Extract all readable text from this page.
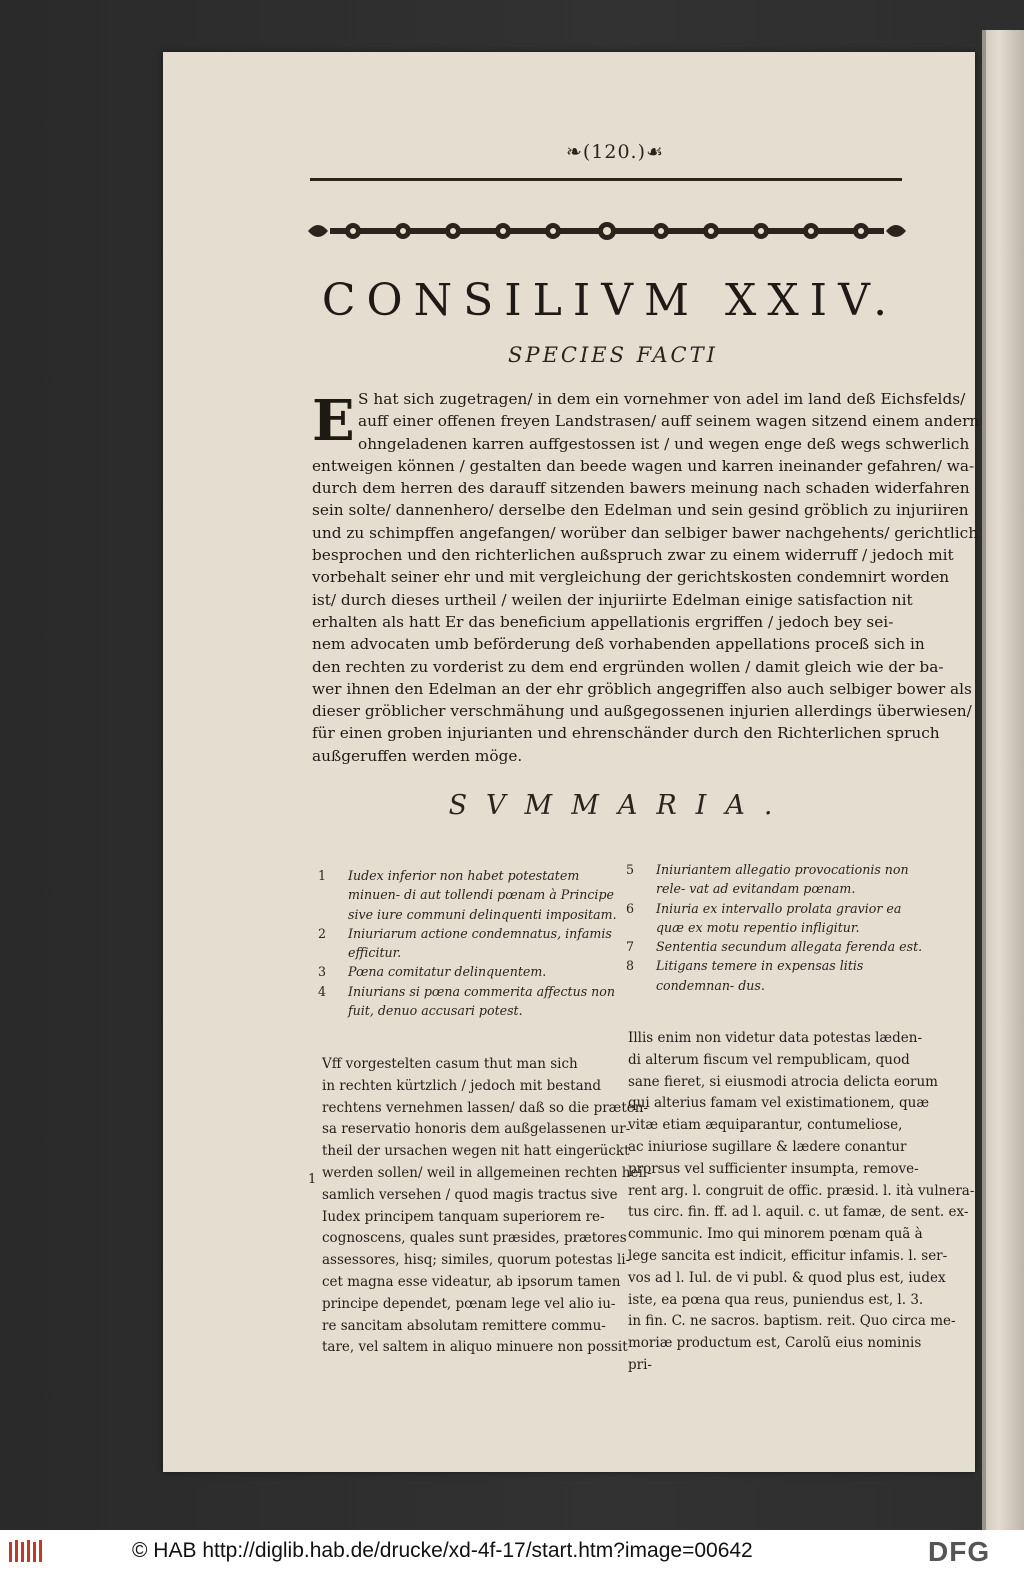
❧(120.)☙
CONSILIVM XXIV.
SPECIES FACTI
E S hat sich zugetragen/ in dem ein vornehmer von adel im land deß Eichsfelds/
auff einer offenen freyen Landstrasen/ auff seinem wagen sitzend einem andern
ohngeladenen karren auffgestossen ist / und wegen enge deß wegs schwerlich
entweigen können / gestalten dan beede wagen und karren ineinander gefahren/ wa-
durch dem herren des darauff sitzenden bawers meinung nach schaden widerfahren
sein solte/ dannenhero/ derselbe den Edelman und sein gesind gröblich zu injuriiren
und zu schimpffen angefangen/ worüber dan selbiger bawer nachgehents/ gerichtlich
besprochen und den richterlichen außspruch zwar zu einem widerruff / jedoch mit
vorbehalt seiner ehr und mit vergleichung der gerichtskosten condemnirt worden
ist/ durch dieses urtheil / weilen der injuriirte Edelman einige satisfaction nit
erhalten als hatt Er das beneficium appellationis ergriffen / jedoch bey sei-
nem advocaten umb beförderung deß vorhabenden appellations proceß sich in
den rechten zu vorderist zu dem end ergründen wollen / damit gleich wie der ba-
wer ihnen den Edelman an der ehr gröblich angegriffen also auch selbiger bower als
dieser gröblicher verschmähung und außgegossenen injurien allerdings überwiesen/
für einen groben injurianten und ehrenschänder durch den Richterlichen spruch
außgeruffen werden möge.
SVMMARIA.
1 Iudex inferior non habet potestatem minuen- di aut tollendi pœnam à Principe sive iure communi delinquenti impositam.
2 Iniuriarum actione condemnatus, infamis efficitur.
3 Pœna comitatur delinquentem.
4 Iniurians si pœna commerita affectus non fuit, denuo accusari potest.
5 Iniuriantem allegatio provocationis non rele- vat ad evitandam pœnam.
6 Iniuria ex intervallo prolata gravior ea quæ ex motu repentio infligitur.
7 Sententia secundum allegata ferenda est.
8 Litigans temere in expensas litis condemnan- dus.
Vff vorgestelten casum thut man sich
in rechten kürtzlich / jedoch mit bestand
rechtens vernehmen lassen/ daß so die præten-
sa reservatio honoris dem außgelassenen ur-
theil der ursachen wegen nit hatt eingerückt
werden sollen/ weil in allgemeinen rechten heil-
samlich versehen / quod magis tractus sive
Iudex principem tanquam superiorem re-
cognoscens, quales sunt præsides, prætores
assessores, hisq; similes, quorum potestas li-
cet magna esse videatur, ab ipsorum tamen
principe dependet, pœnam lege vel alio iu-
re sancitam absolutam remittere commu-
tare, vel saltem in aliquo minuere non possit
1
Illis enim non videtur data potestas læden-
di alterum fiscum vel rempublicam, quod
sane fieret, si eiusmodi atrocia delicta eorum
qui alterius famam vel existimationem, quæ
vitæ etiam æquiparantur, contumeliose,
ac iniuriose sugillare & lædere conantur
prorsus vel sufficienter insumpta, remove-
rent arg. l. congruit de offic. præsid. l. ità vulnera-
tus circ. fin. ff. ad l. aquil. c. ut famæ, de sent. ex-
communic. Imo qui minorem pœnam quã à
lege sancita est indicit, efficitur infamis. l. ser-
vos ad l. Iul. de vi publ. & quod plus est, iudex
iste, ea pœna qua reus, puniendus est, l. 3.
in fin. C. ne sacros. baptism. reit. Quo circa me-
moriæ productum est, Carolũ eius nominis
pri-
© HAB http://diglib.hab.de/drucke/xd-4f-17/start.htm?image=00642	DFG
